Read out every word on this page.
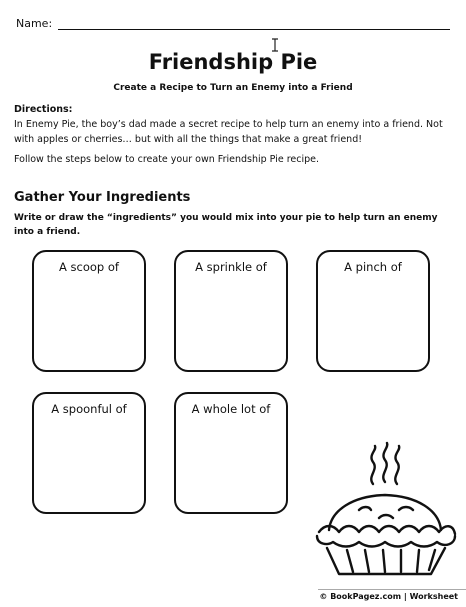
Name:
Friendship Pie
Create a Recipe to Turn an Enemy into a Friend
Directions:
In Enemy Pie, the boy’s dad made a secret recipe to help turn an enemy into a friend. Not with apples or cherries… but with all the things that make a great friend!
Follow the steps below to create your own Friendship Pie recipe.
Gather Your Ingredients
Write or draw the “ingredients” you would mix into your pie to help turn an enemy into a friend.
A scoop of	A sprinkle of	A pinch of
A spoonful of	A whole lot of
© BookPagez.com | Worksheet
